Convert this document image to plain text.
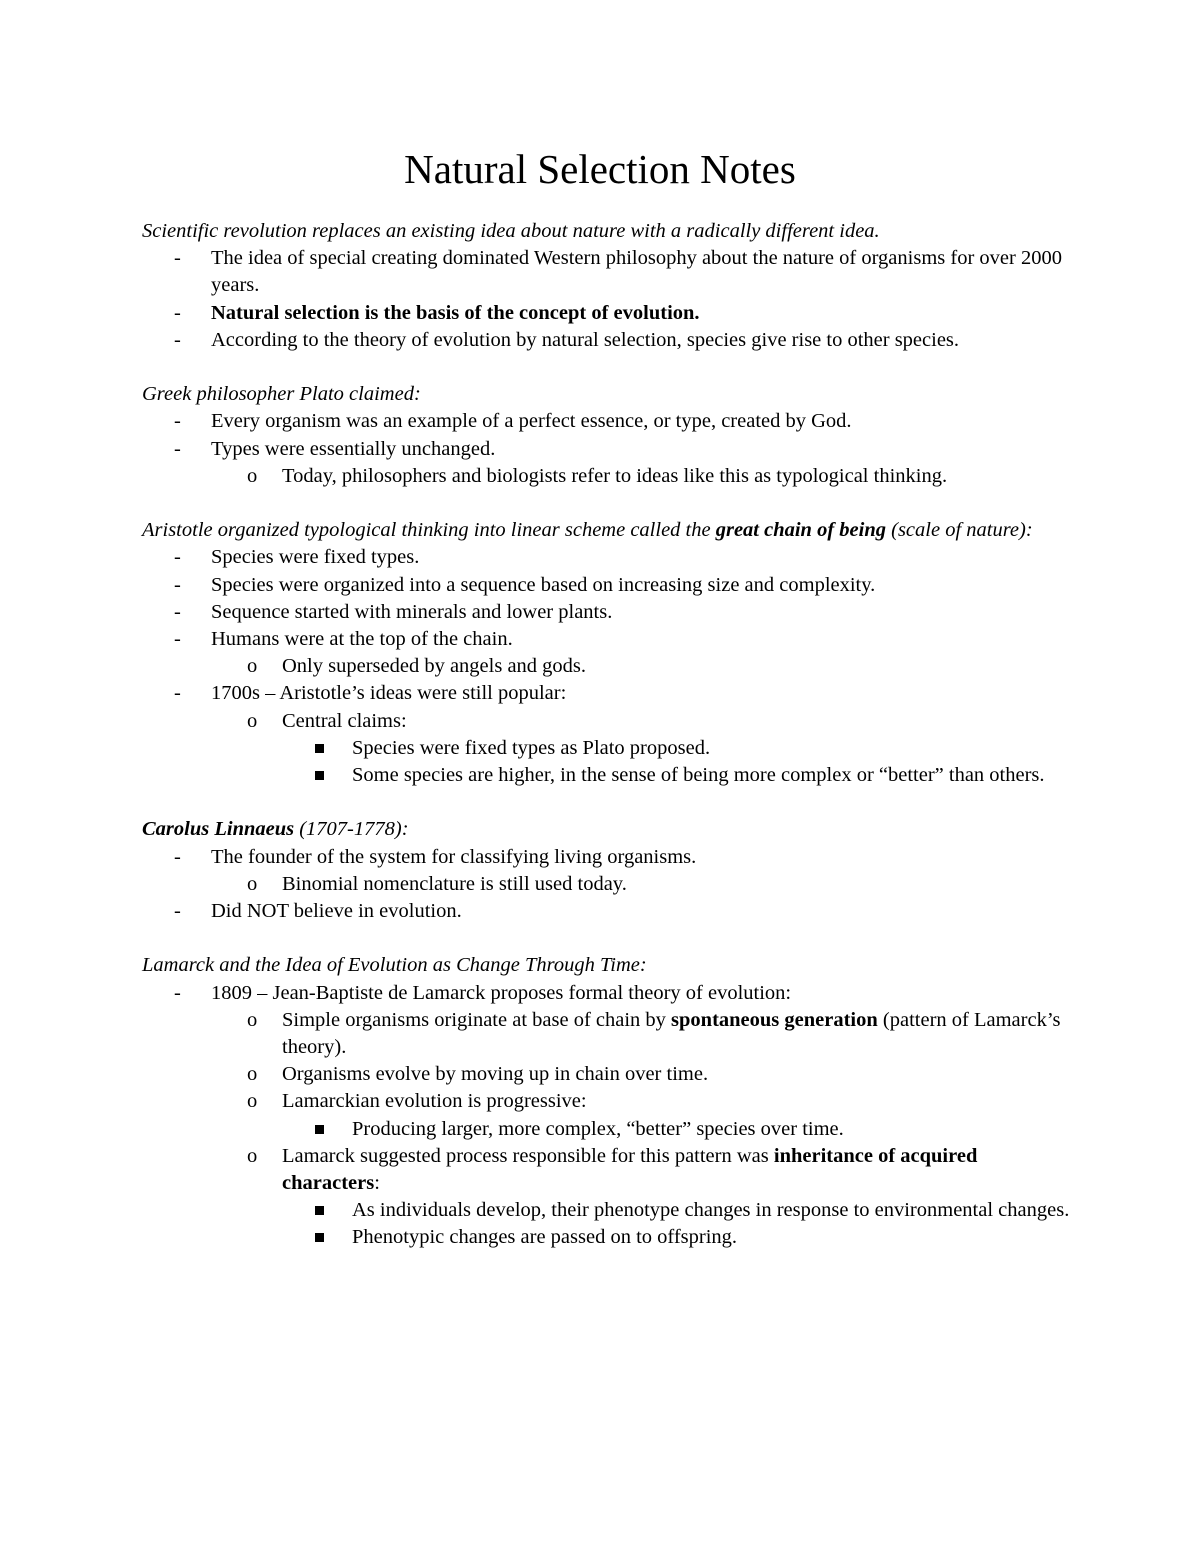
Natural Selection Notes
Scientific revolution replaces an existing idea about nature with a radically different idea.
- The idea of special creating dominated Western philosophy about the nature of organisms for over 2000 years.
- Natural selection is the basis of the concept of evolution.
- According to the theory of evolution by natural selection, species give rise to other species.
Greek philosopher Plato claimed:
- Every organism was an example of a perfect essence, or type, created by God.
- Types were essentially unchanged.
o Today, philosophers and biologists refer to ideas like this as typological thinking.
Aristotle organized typological thinking into linear scheme called the great chain of being (scale of nature):
- Species were fixed types.
- Species were organized into a sequence based on increasing size and complexity.
- Sequence started with minerals and lower plants.
- Humans were at the top of the chain.
o Only superseded by angels and gods.
- 1700s – Aristotle’s ideas were still popular:
o Central claims:
Species were fixed types as Plato proposed.
Some species are higher, in the sense of being more complex or “better” than others.
Carolus Linnaeus (1707-1778):
- The founder of the system for classifying living organisms.
o Binomial nomenclature is still used today.
- Did NOT believe in evolution.
Lamarck and the Idea of Evolution as Change Through Time:
- 1809 – Jean-Baptiste de Lamarck proposes formal theory of evolution:
o Simple organisms originate at base of chain by spontaneous generation (pattern of Lamarck’s theory).
o Organisms evolve by moving up in chain over time.
o Lamarckian evolution is progressive:
Producing larger, more complex, “better” species over time.
o Lamarck suggested process responsible for this pattern was inheritance of acquired characters:
As individuals develop, their phenotype changes in response to environmental changes.
Phenotypic changes are passed on to offspring.
